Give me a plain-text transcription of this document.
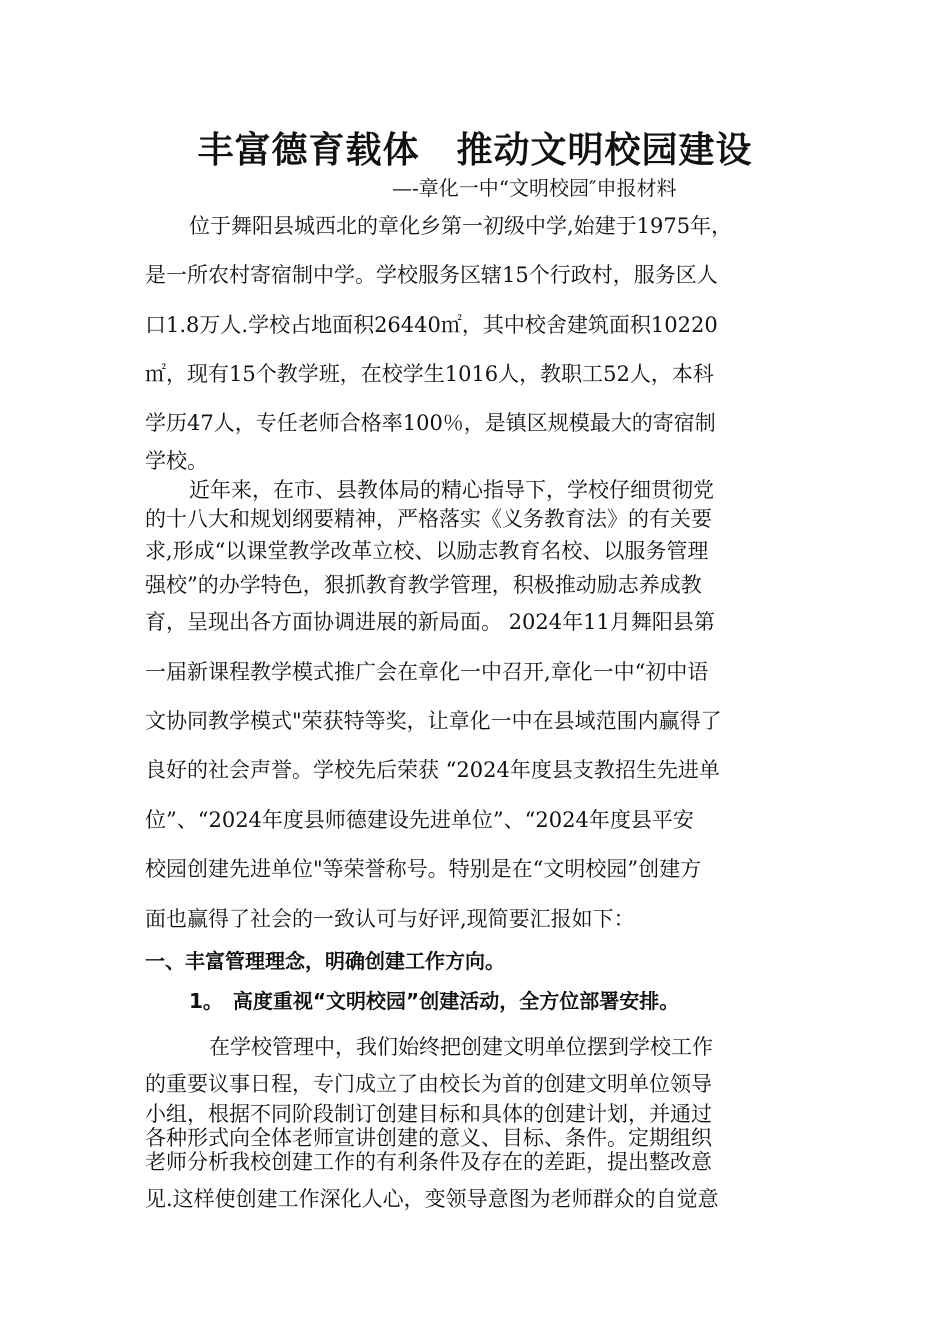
丰富德育载体　推动文明校园建设
—-章化一中“文明校园″申报材料
位于舞阳县城西北的章化乡第一初级中学,始建于1975年，
是一所农村寄宿制中学。学校服务区辖15个行政村，服务区人
口1.8万人.学校占地面积26440㎡，其中校舍建筑面积10220
㎡，现有15个教学班，在校学生1016人，教职工52人，本科
学历47人，专任老师合格率100％，是镇区规模最大的寄宿制
学校。
近年来，在市、县教体局的精心指导下，学校仔细贯彻党
的十八大和规划纲要精神，严格落实《义务教育法》的有关要
求,形成“以课堂教学改革立校、以励志教育名校、以服务管理
强校”的办学特色，狠抓教育教学管理，积极推动励志养成教
育，呈现出各方面协调进展的新局面。 2024年11月舞阳县第
一届新课程教学模式推广会在章化一中召开,章化一中“初中语
文协同教学模式"荣获特等奖，让章化一中在县域范围内赢得了
良好的社会声誉。学校先后荣获 “2024年度县支教招生先进单
位”、“2024年度县师德建设先进单位”、“2024年度县平安
校园创建先进单位"等荣誉称号。特别是在“文明校园”创建方
面也赢得了社会的一致认可与好评,现简要汇报如下：
一、丰富管理理念，明确创建工作方向。
1。　高度重视“文明校园”创建活动，全方位部署安排。
在学校管理中，我们始终把创建文明单位摆到学校工作
的重要议事日程，专门成立了由校长为首的创建文明单位领导
小组，根据不同阶段制订创建目标和具体的创建计划，并通过
各种形式向全体老师宣讲创建的意义、目标、条件。定期组织
老师分析我校创建工作的有利条件及存在的差距，提出整改意
见.这样使创建工作深化人心，变领导意图为老师群众的自觉意
